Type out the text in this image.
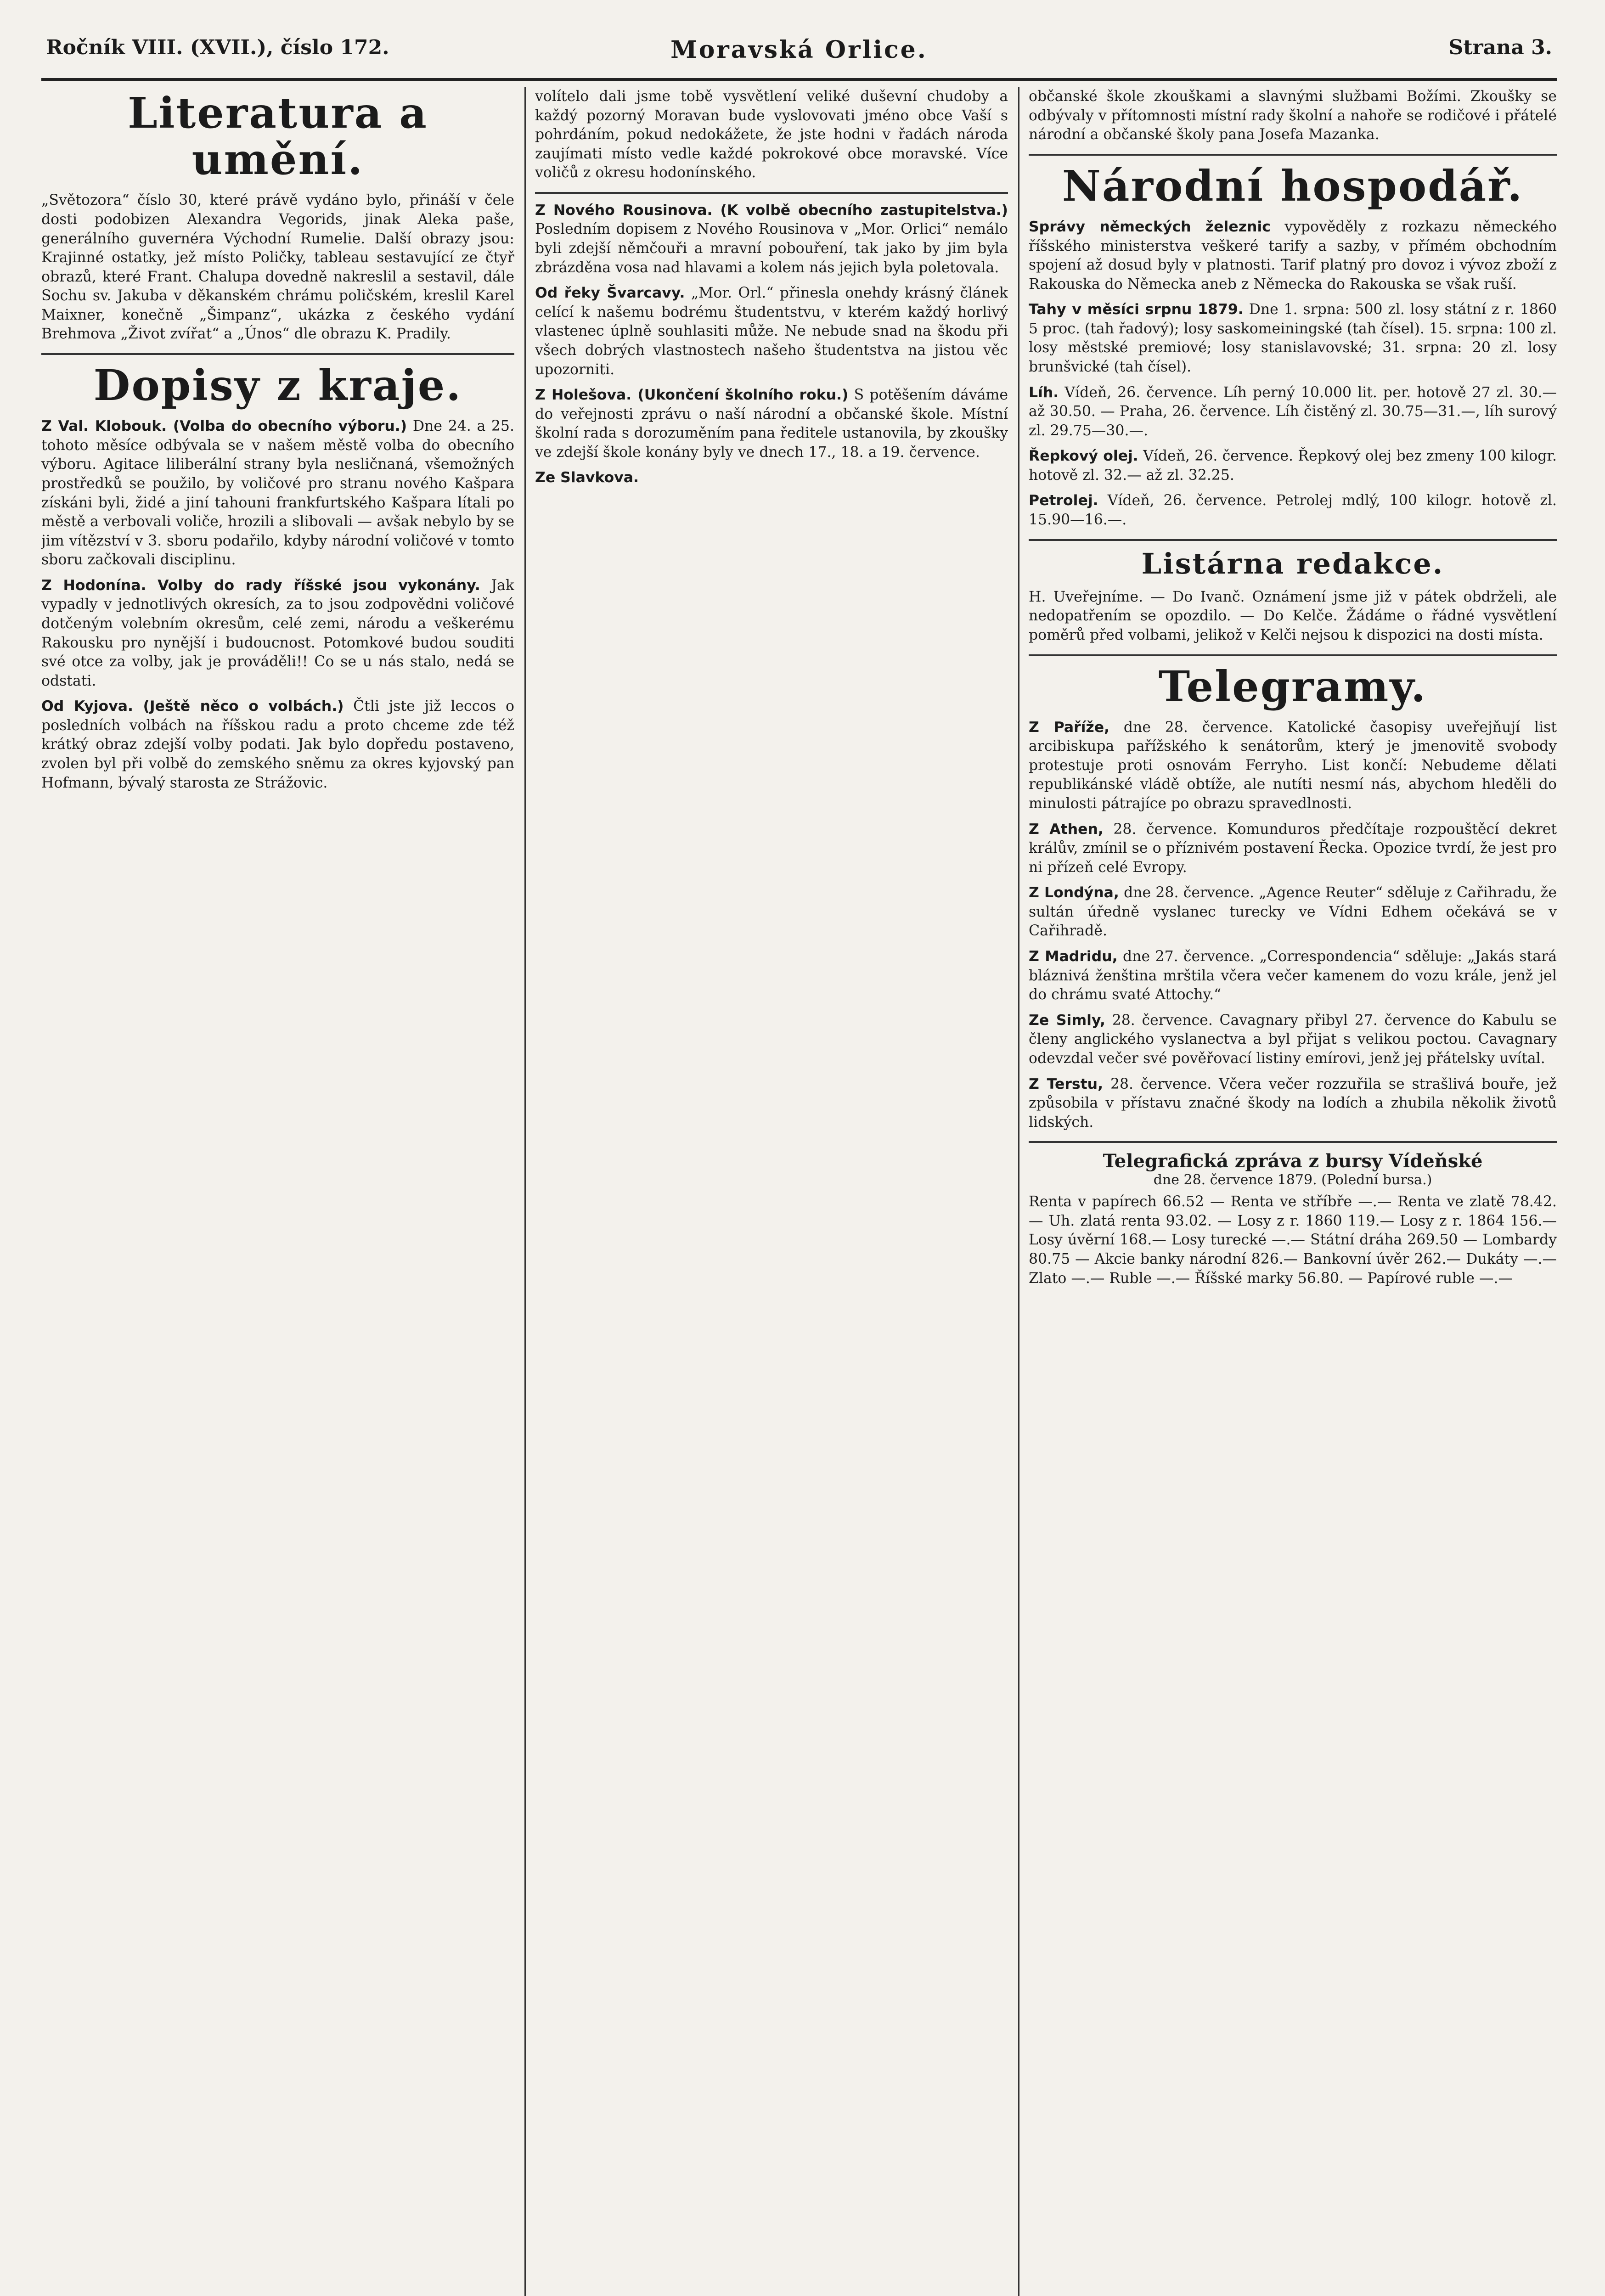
Ročník VIII. (XVII.), číslo 172.	Moravská Orlice.	Strana 3.
Literatura a umění.

„Světozora“ číslo 30, které právě vydáno bylo, přináší v čele dosti podobizen Alexandra Vegorids, jinak Aleka paše, generálního guvernéra Východní Rumelie. Další obrazy jsou: Krajinné ostatky, jež místo Poličky, tableau sestavující ze čtyř obrazů, které Frant. Chalupa dovedně nakreslil a sestavil, dále Sochu sv. Jakuba v děkanském chrámu poličském, kreslil Karel Maixner, konečně „Šimpanz“, ukázka z českého vydání Brehmova „Život zvířat“ a „Únos“ dle obrazu K. Pradily.

Dopisy z kraje.

Z Val. Klobouk. (Volba do obecního výboru.) Dne 24. a 25. tohoto měsíce odbývala se v našem městě volba do obecního výboru. Agitace liliberální strany byla nesličnaná, všemožných prostředků se použilo, by voličové pro stranu nového Kašpara získáni byli, židé a jiní tahouni frankfurtského Kašpara lítali po městě a verbovali voliče, hrozili a slibovali — avšak nebylo by se jim vítězství v 3. sboru podařilo, kdyby národní voličové v tomto sboru začkovali disciplinu.

Z Hodonína. Volby do rady říšské jsou vykonány. Jak vypadly v jednotlivých okresích, za to jsou zodpovědni voličové dotčeným volebním okresům, celé zemi, národu a veškerému Rakousku pro nynější i budoucnost. Potomkové budou souditi své otce za volby, jak je prováděli!! Co se u nás stalo, nedá se odstati.

Od Kyjova. (Ještě něco o volbách.) Čtli jste již leccos o posledních volbách na říšskou radu a proto chceme zde též krátký obraz zdejší volby podati. Jak bylo dopředu postaveno, zvolen byl při volbě do zemského sněmu za okres kyjovský pan Hofmann, bývalý starosta ze Strážovic.

volítelo dali jsme tobě vysvětlení veliké duševní chudoby a každý pozorný Moravan bude vyslovovati jméno obce Vaší s pohrdáním, pokud nedokážete, že jste hodni v řadách národa zaujímati místo vedle každé pokrokové obce moravské. Více voličů z okresu hodonínského.

Z Nového Rousinova. (K volbě obecního zastupitelstva.) Posledním dopisem z Nového Rousinova v „Mor. Orlici“ nemálo byli zdejší němčouři a mravní pobouření, tak jako by jim byla zbrázděna vosa nad hlavami a kolem nás jejich byla poletovala.

Od řeky Švarcavy. „Mor. Orl.“ přinesla onehdy krásný článek celící k našemu bodrému študentstvu, v kterém každý horlivý vlastenec úplně souhlasiti může. Ne nebude snad na škodu při všech dobrých vlastnostech našeho študentstva na jistou věc upozorniti.

Z Holešova. (Ukončení školního roku.) S potěšením dáváme do veřejnosti zprávu o naší národní a občanské škole. Místní školní rada s dorozuměním pana ředitele ustanovila, by zkoušky ve zdejší škole konány byly ve dnech 17., 18. a 19. července.

Ze Slavkova.

občanské škole zkouškami a slavnými službami Božími. Zkoušky se odbývaly v přítomnosti místní rady školní a nahoře se rodičové i přátelé národní a občanské školy pana Josefa Mazanka.

Národní hospodář.

Správy německých železnic vypověděly z rozkazu německého říšského ministerstva veškeré tarify a sazby, v přímém obchodním spojení až dosud byly v platnosti. Tarif platný pro dovoz i vývoz zboží z Rakouska do Německa aneb z Německa do Rakouska se však ruší.

Tahy v měsíci srpnu 1879. Dne 1. srpna: 500 zl. losy státní z r. 1860 5 proc. (tah řadový); losy saskomeiningské (tah čísel). 15. srpna: 100 zl. losy městské premiové; losy stanislavovské; 31. srpna: 20 zl. losy brunšvické (tah čísel).

Líh. Vídeň, 26. července. Líh perný 10.000 lit. per. hotově 27 zl. 30.— až 30.50. — Praha, 26. července. Líh čistěný zl. 30.75—31.—, líh surový zl. 29.75—30.—.

Řepkový olej. Vídeň, 26. července. Řepkový olej bez zmeny 100 kilogr. hotově zl. 32.— až zl. 32.25.

Petrolej. Vídeň, 26. července. Petrolej mdlý, 100 kilogr. hotově zl. 15.90—16.—.

Listárna redakce.

H. Uveřejníme. — Do Ivanč. Oznámení jsme již v pátek obdrželi, ale nedopatřením se opozdilo. — Do Kelče. Žádáme o řádné vysvětlení poměrů před volbami, jelikož v Kelči nejsou k dispozici na dosti místa.

Telegramy.

Z Paříže, dne 28. července. Katolické časopisy uveřejňují list arcibiskupa pařížského k senátorům, který je jmenovitě svobody protestuje proti osnovám Ferryho. List končí: Nebudeme dělati republikánské vládě obtíže, ale nutíti nesmí nás, abychom hleděli do minulosti pátrajíce po obrazu spravedlnosti.

Z Athen, 28. července. Komunduros předčítaje rozpouštěcí dekret králův, zmínil se o příznivém postavení Řecka. Opozice tvrdí, že jest pro ni přízeň celé Evropy.

Z Londýna, dne 28. července. „Agence Reuter“ sděluje z Cařihradu, že sultán úředně vyslanec turecky ve Vídni Edhem očekává se v Cařihradě.

Z Madridu, dne 27. července. „Correspondencia“ sděluje: „Jakás stará bláznivá ženština mrštila včera večer kamenem do vozu krále, jenž jel do chrámu svaté Attochy.“

Ze Simly, 28. července. Cavagnary přibyl 27. července do Kabulu se členy anglického vyslanectva a byl přijat s velikou poctou. Cavagnary odevzdal večer své pověřovací listiny emírovi, jenž jej přátelsky uvítal.

Z Terstu, 28. července. Včera večer rozzuřila se strašlivá bouře, jež způsobila v přístavu značné škody na lodích a zhubila několik životů lidských.

Telegrafická zpráva z bursy Vídeňské
dne 28. července 1879. (Polední bursa.)

Renta v papírech 66.52 — Renta ve stříbře —.— Renta ve zlatě 78.42. — Uh. zlatá renta 93.02. — Losy z r. 1860 119.— Losy z r. 1864 156.— Losy úvěrní 168.— Losy turecké —.— Státní dráha 269.50 — Lombardy 80.75 — Akcie banky národní 826.— Bankovní úvěr 262.— Dukáty —.— Zlato —.— Ruble —.— Říšské marky 56.80. — Papírové ruble —.—
